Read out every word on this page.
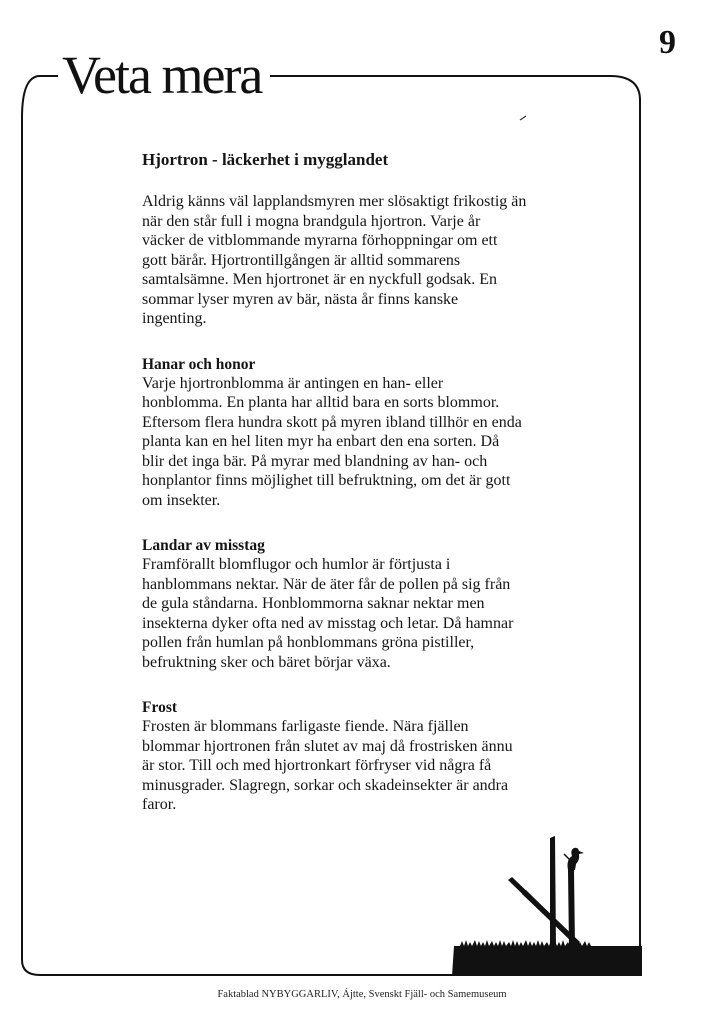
9
Veta mera
Hjortron - läckerhet i mygglandet
Aldrig känns väl lapplandsmyren mer slösaktigt frikostig än
när den står full i mogna brandgula hjortron. Varje år
väcker de vitblommande myrarna förhoppningar om ett
gott bärår. Hjortrontillgången är alltid sommarens
samtalsämne. Men hjortronet är en nyckfull godsak. En
sommar lyser myren av bär, nästa år finns kanske
ingenting.
Hanar och honor
Varje hjortronblomma är antingen en han- eller
honblomma. En planta har alltid bara en sorts blommor.
Eftersom flera hundra skott på myren ibland tillhör en enda
planta kan en hel liten myr ha enbart den ena sorten. Då
blir det inga bär. På myrar med blandning av han- och
honplantor finns möjlighet till befruktning, om det är gott
om insekter.
Landar av misstag
Framförallt blomflugor och humlor är förtjusta i
hanblommans nektar. När de äter får de pollen på sig från
de gula ståndarna. Honblommorna saknar nektar men
insekterna dyker ofta ned av misstag och letar. Då hamnar
pollen från humlan på honblommans gröna pistiller,
befruktning sker och bäret börjar växa.
Frost
Frosten är blommans farligaste fiende. Nära fjällen
blommar hjortronen från slutet av maj då frostrisken ännu
är stor. Till och med hjortronkart förfryser vid några få
minusgrader. Slagregn, sorkar och skadeinsekter är andra
faror.
Faktablad NYBYGGARLIV, Ájtte, Svenskt Fjäll- och Samemuseum
